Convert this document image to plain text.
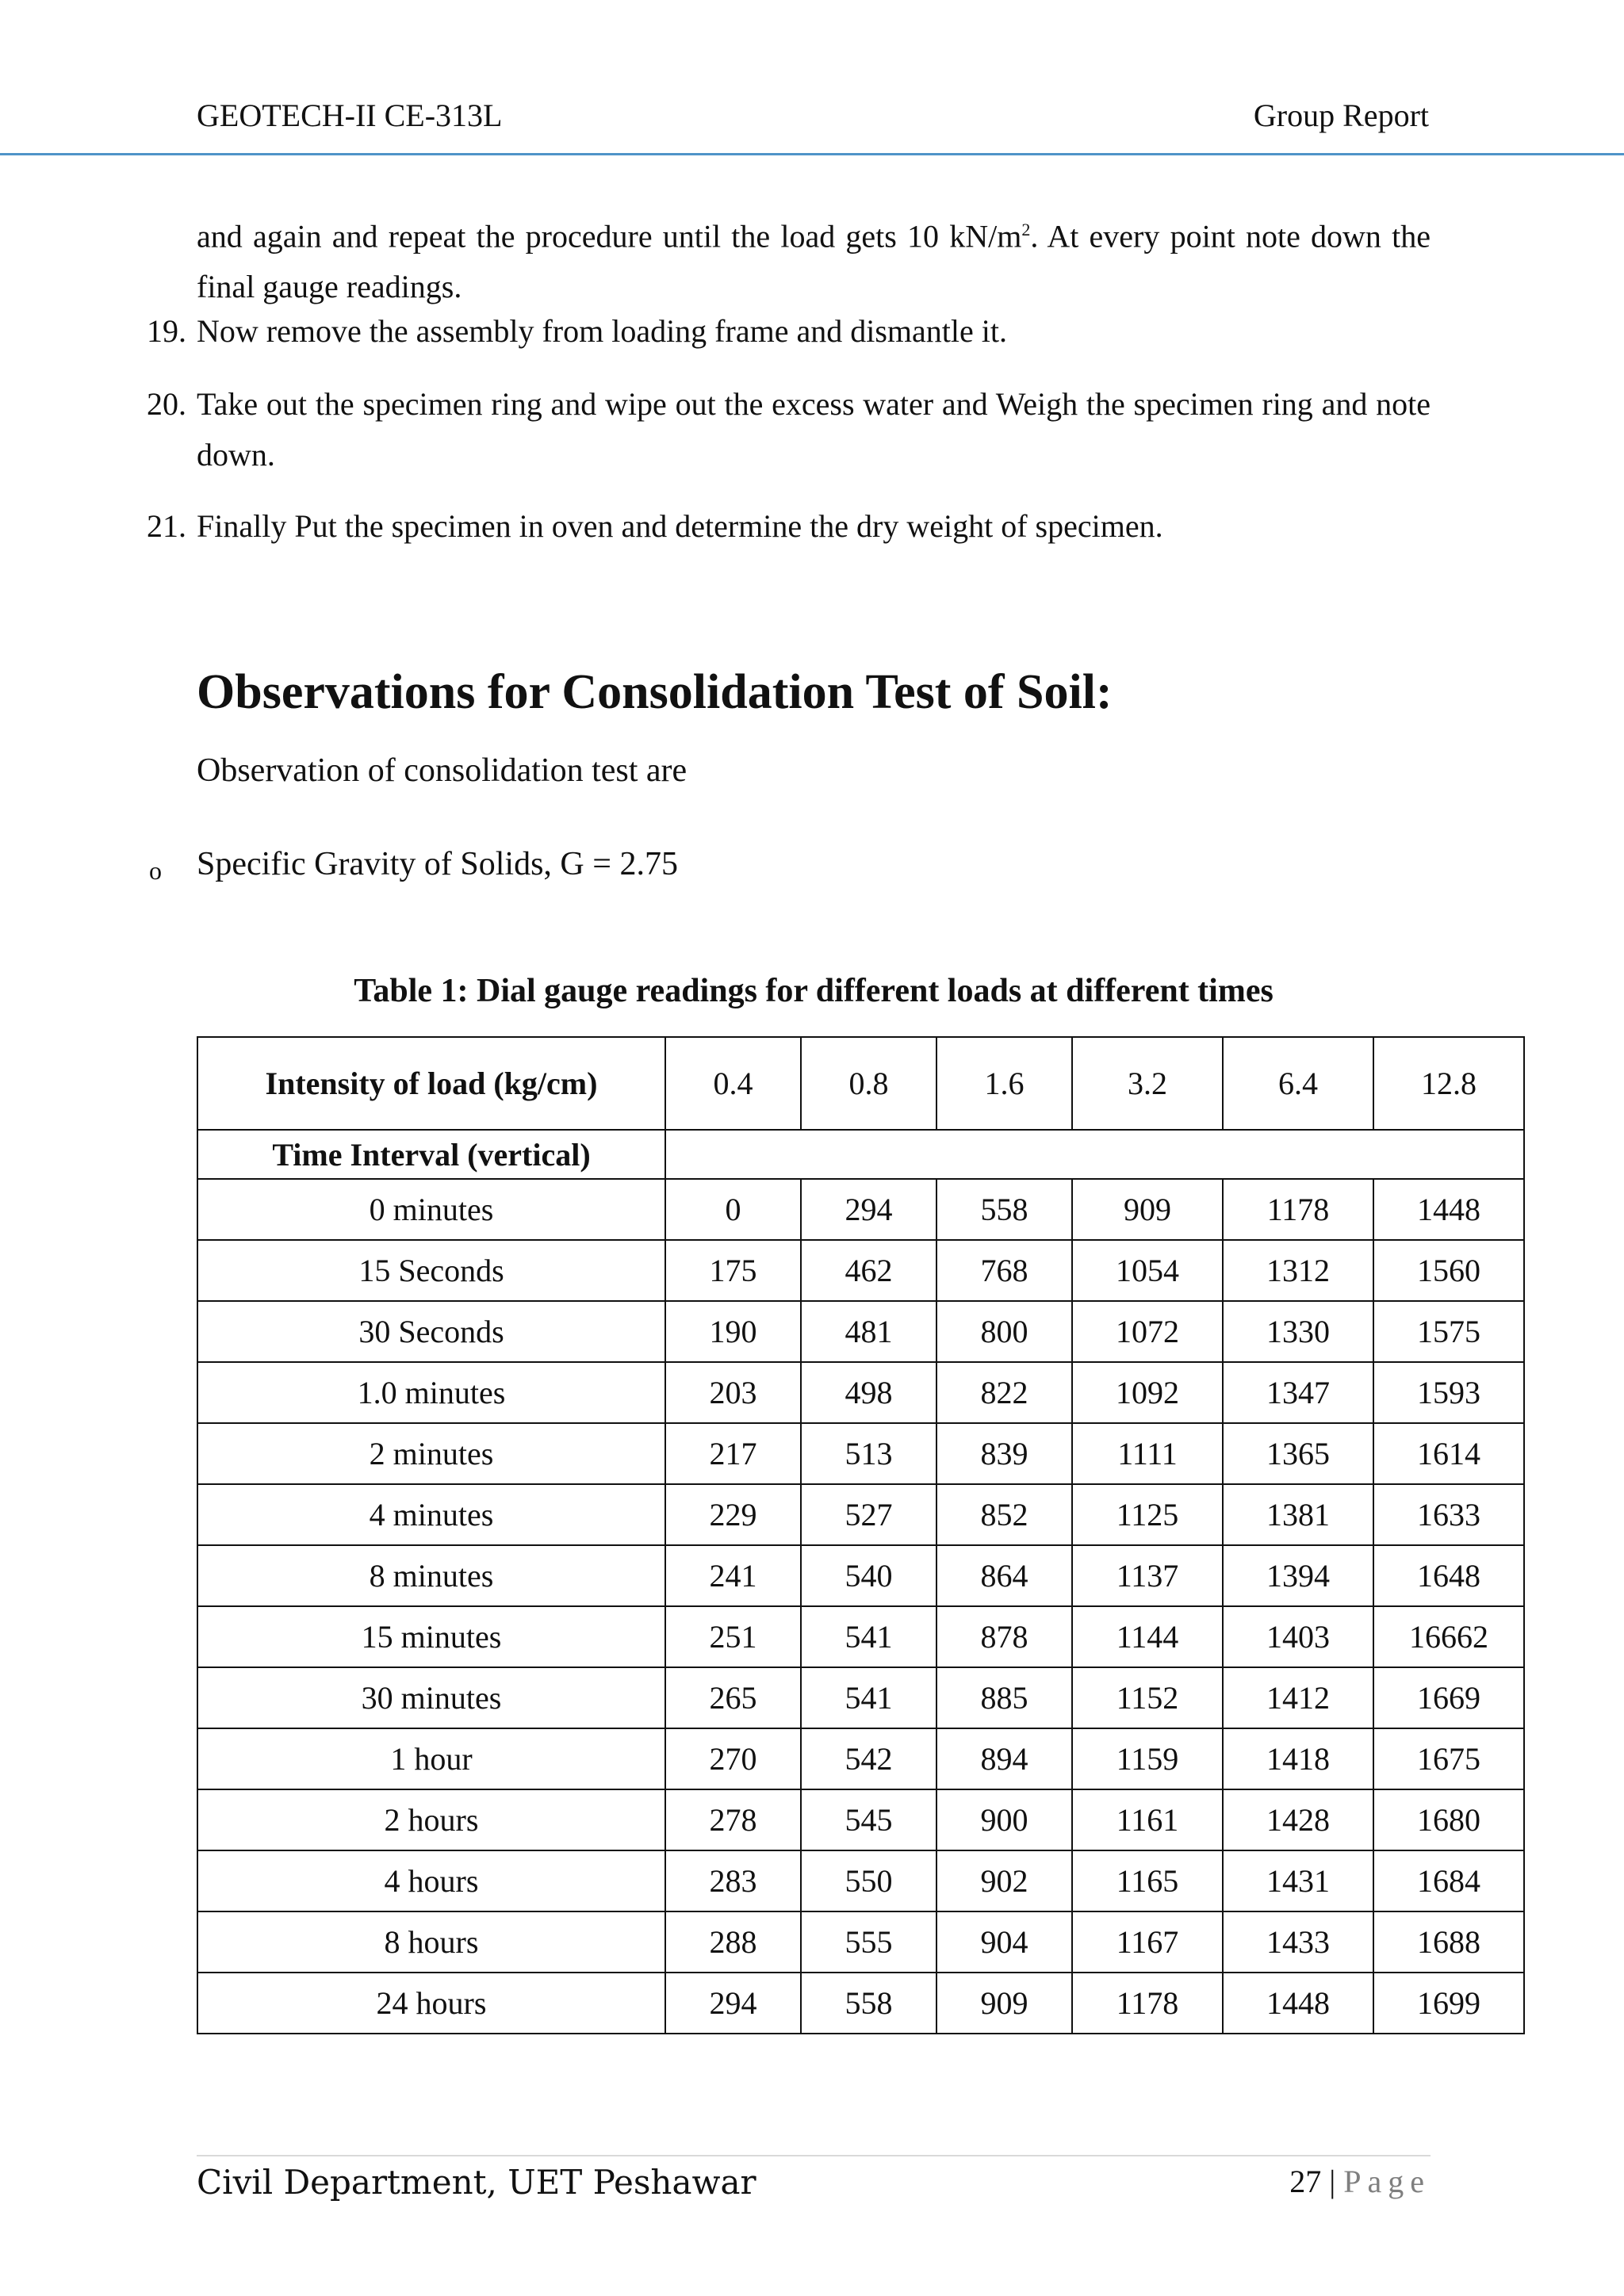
GEOTECH-II CE-313L	Group Report
and again and repeat the procedure until the load gets 10 $kN/m^2$. At every point note down the final gauge readings.
19. Now remove the assembly from loading frame and dismantle it.
20. Take out the specimen ring and wipe out the excess water and Weigh the specimen ring and note down.
21. Finally Put the specimen in oven and determine the dry weight of specimen.
Observations for Consolidation Test of Soil:
Observation of consolidation test are
o Specific Gravity of Solids, G = 2.75
Table 1: Dial gauge readings for different loads at different times
Intensity of load (kg/cm)	0.4	0.8	1.6	3.2	6.4	12.8
Time Interval (vertical)						
0 minutes	0	294	558	909	1178	1448
15 Seconds	175	462	768	1054	1312	1560
30 Seconds	190	481	800	1072	1330	1575
1.0 minutes	203	498	822	1092	1347	1593
2 minutes	217	513	839	1111	1365	1614
4 minutes	229	527	852	1125	1381	1633
8 minutes	241	540	864	1137	1394	1648
15 minutes	251	541	878	1144	1403	16662
30 minutes	265	541	885	1152	1412	1669
1 hour	270	542	894	1159	1418	1675
2 hours	278	545	900	1161	1428	1680
4 hours	283	550	902	1165	1431	1684
8 hours	288	555	904	1167	1433	1688
24 hours	294	558	909	1178	1448	1699
Civil Department, UET Peshawar	27 | Page
